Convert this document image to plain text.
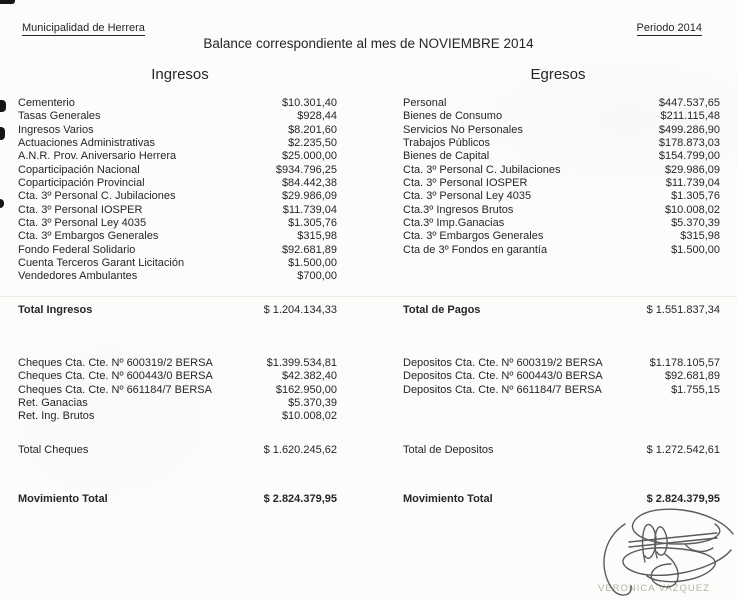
Municipalidad de Herrera	Periodo 2014
Balance correspondiente al mes de NOVIEMBRE 2014
Ingresos	Egresos
Cementerio	$10.301,40
Tasas Generales	$928,44
Ingresos Varios	$8.201,60
Actuaciones Administrativas	$2.235,50
A.N.R. Prov. Aniversario Herrera	$25.000,00
Coparticipación Nacional	$934.796,25
Coparticipación Provincial	$84.442,38
Cta. 3º Personal C. Jubilaciones	$29.986,09
Cta. 3º Personal IOSPER	$11.739,04
Cta. 3º Personal Ley 4035	$1.305,76
Cta. 3º Embargos Generales	$315,98
Fondo Federal Solidario	$92.681,89
Cuenta Terceros Garant Licitación	$1.500,00
Vendedores Ambulantes	$700,00
Personal	$447.537,65
Bienes de Consumo	$211.115,48
Servicios No Personales	$499.286,90
Trabajos Públicos	$178.873,03
Bienes de Capital	$154.799,00
Cta. 3º Personal C. Jubilaciones	$29.986,09
Cta. 3º Personal IOSPER	$11.739,04
Cta. 3º Personal Ley 4035	$1.305,76
Cta.3º Ingresos Brutos	$10.008,02
Cta.3º Imp.Ganacias	$5.370,39
Cta. 3º Embargos Generales	$315,98
Cta de 3º Fondos en garantía	$1.500,00
Total Ingresos	$ 1.204.134,33	Total de Pagos	$ 1.551.837,34
Cheques Cta. Cte. Nº 600319/2 BERSA	$1.399.534,81
Cheques Cta. Cte. Nº 600443/0 BERSA	$42.382,40
Cheques Cta. Cte. Nº 661184/7 BERSA	$162.950,00
Ret. Ganacias	$5.370,39
Ret. Ing. Brutos	$10.008,02
Depositos Cta. Cte. Nº 600319/2 BERSA	$1.178.105,57
Depositos Cta. Cte. Nº 600443/0 BERSA	$92.681,89
Depositos Cta. Cte. Nº 661184/7 BERSA	$1.755,15
Total Cheques	$ 1.620.245,62	Total de Depositos	$ 1.272.542,61
Movimiento Total	$ 2.824.379,95	Movimiento Total	$ 2.824.379,95
VERONICA VAZQUEZ
